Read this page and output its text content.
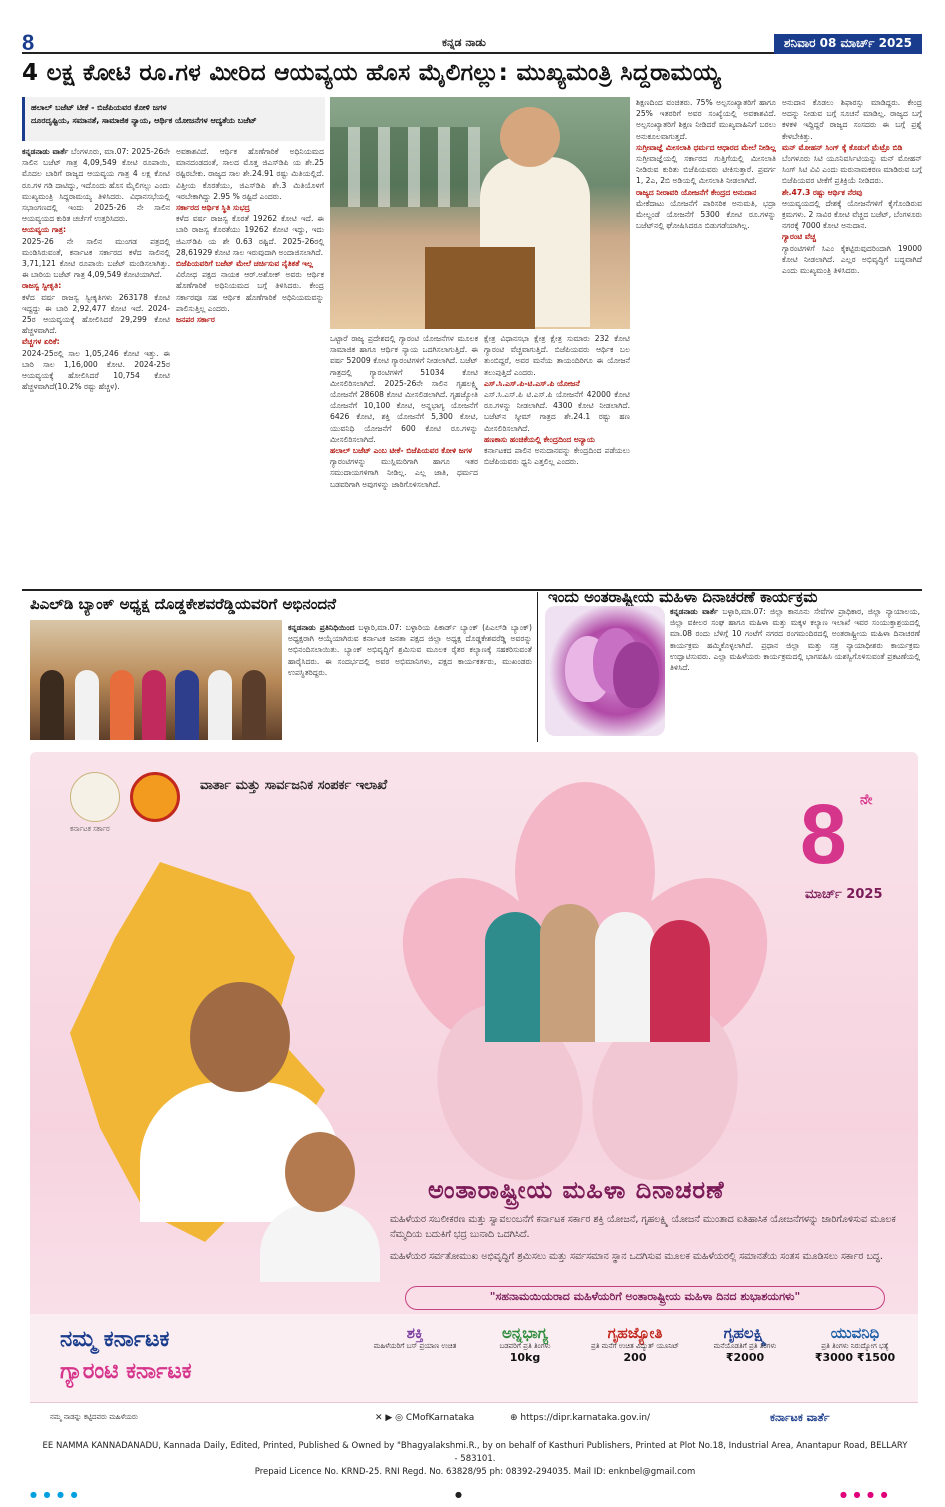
8	ಕನ್ನಡ ನಾಡು	ಶನಿವಾರ 08 ಮಾರ್ಚ್ 2025
4 ಲಕ್ಷ ಕೋಟಿ ರೂ.ಗಳ ಮೀರಿದ ಆಯವ್ಯಯ ಹೊಸ ಮೈಲಿಗಲ್ಲು: ಮುಖ್ಯಮಂತ್ರಿ ಸಿದ್ದರಾಮಯ್ಯ
ಹಲಾಲ್ ಬಜೆಟ್ ಟೀಕೆ - ಬಿಜೆಪಿಯವರ ಕೋಳಿ ಜಗಳ
ದೂರದೃಷ್ಟಿಯ, ಸಮಾನತೆ, ಸಾಮಾಜಿಕ ನ್ಯಾಯ, ಆರ್ಥಿಕ ಯೋಜನೆಗಳ ಆದ್ಯತೆಯ ಬಜೆಟ್
ಕನ್ನಡನಾಡು ವಾರ್ತೆ ಬೆಂಗಳೂರು, ಮಾ.07: 2025-26ನೇ ಸಾಲಿನ ಬಜೆಟ್ ಗಾತ್ರ 4,09,549 ಕೋಟಿ ರೂಪಾಯಿ, ಮೊದಲ ಬಾರಿಗೆ ರಾಜ್ಯದ ಆಯವ್ಯಯ ಗಾತ್ರ 4 ಲಕ್ಷ ಕೋಟಿ ರೂ.ಗಳ ಗಡಿ ದಾಟಿದ್ದು, ಇದೊಂದು ಹೊಸ ಮೈಲಿಗಲ್ಲು ಎಂದು ಮುಖ್ಯಮಂತ್ರಿ ಸಿದ್ದರಾಮಯ್ಯ ತಿಳಿಸಿದರು. ವಿಧಾನಸಭೆಯಲ್ಲಿ ಸಭಾಂಗಣದಲ್ಲಿ ಇಂದು 2025-26 ನೇ ಸಾಲಿನ ಆಯವ್ಯಯದ ಕುರಿತ ಚರ್ಚೆಗೆ ಉತ್ತರಿಸಿದರು.
ಆಯವ್ಯಯ ಗಾತ್ರ:
2025-26 ನೇ ಸಾಲಿನ ಮುಂಗಡ ಪತ್ರದಲ್ಲಿ ಮಂಡಿಸಿರುವಂತೆ, ಕರ್ನಾಟಕ ಸರ್ಕಾರದ ಕಳೆದ ಸಾಲಿನಲ್ಲಿ 3,71,121 ಕೋಟಿ ರೂಪಾಯಿ ಬಜೆಟ್ ಮಂಡಿಸಲಾಗಿತ್ತು. ಈ ಬಾರಿಯ ಬಜೆಟ್ ಗಾತ್ರ 4,09,549 ಕೋಟಿಯಾಗಿದೆ.
ರಾಜಸ್ವ ಸ್ವೀಕೃತಿ:
ಕಳೆದ ವರ್ಷ ರಾಜಸ್ವ ಸ್ವೀಕೃತಿಗಳು 263178 ಕೋಟಿ ಇದ್ದದ್ದು ಈ ಬಾರಿ 2,92,477 ಕೋಟಿ ಇದೆ. 2024-25ರ ಆಯವ್ಯಯಕ್ಕೆ ಹೋಲಿಸಿದರೆ 29,299 ಕೋಟಿ ಹೆಚ್ಚಳವಾಗಿದೆ.
ವೆಚ್ಚಗಳ ಏರಿಕೆ:
2024-25ರಲ್ಲಿ ಸಾಲ 1,05,246 ಕೋಟಿ ಇತ್ತು. ಈ ಬಾರಿ ಸಾಲ 1,16,000 ಕೋಟಿ. 2024-25ರ ಆಯವ್ಯಯಕ್ಕೆ ಹೋಲಿಸಿದರೆ 10,754 ಕೋಟಿ ಹೆಚ್ಚಳವಾಗಿದೆ(10.2% ರಷ್ಟು ಹೆಚ್ಚಳ).
ಅವಕಾಶವಿದೆ. ಆರ್ಥಿಕ ಹೊಣೆಗಾರಿಕೆ ಅಧಿನಿಯಮದ ಮಾನದಂಡದಂತೆ, ಸಾಲದ ಮೊತ್ತ ಜಿಎಸ್‌ಡಿಪಿ ಯ ಶೇ.25 ರಷ್ಟಿರಬೇಕು. ರಾಜ್ಯದ ಸಾಲ ಶೇ.24.91 ರಷ್ಟು ಮಿತಿಯಲ್ಲಿದೆ. ವಿತ್ತೀಯ ಕೊರತೆಯು, ಜಿಎಸ್‌ಡಿಪಿ ಶೇ.3 ಮಿತಿಯೊಳಗೆ ಇರಬೇಕಾಗಿದ್ದು 2.95 % ರಷ್ಟಿದೆ ಎಂದರು.
ಸರ್ಕಾರದ ಆರ್ಥಿಕ ಸ್ಥಿತಿ ಸುಭದ್ರ
ಕಳೆದ ವರ್ಷ ರಾಜಸ್ವ ಕೊರತೆ 19262 ಕೋಟಿ ಇದೆ. ಈ ಬಾರಿ ರಾಜಸ್ವ ಕೊರತೆಯು 19262 ಕೋಟಿ ಇದ್ದು, ಇದು ಜಿಎಸ್‌ಡಿಪಿ ಯ ಶೇ 0.63 ರಷ್ಟಿದೆ. 2025-26ರಲ್ಲಿ 28,61929 ಕೋಟಿ ಸಾಲ ಇರುವುದಾಗಿ ಅಂದಾಜಿಸಲಾಗಿದೆ.
ಬಿಜೆಪಿಯವರಿಗೆ ಬಜೆಟ್ ಮೇಲೆ ಚರ್ಚಿಸುವ ನೈತಿಕತೆ ಇಲ್ಲ
ವಿರೋಧ ಪಕ್ಷದ ನಾಯಕ ಆರ್.ಅಶೋಕ್ ಅವರು ಆರ್ಥಿಕ ಹೊಣೆಗಾರಿಕೆ ಅಧಿನಿಯಮದ ಬಗ್ಗೆ ತಿಳಿಸಿದರು. ಕೇಂದ್ರ ಸರ್ಕಾರವೂ ಸಹ ಆರ್ಥಿಕ ಹೊಣೆಗಾರಿಕೆ ಅಧಿನಿಯಮವನ್ನು ಪಾಲಿಸುತ್ತಿಲ್ಲ ಎಂದರು.
ಜನಪರ ಸರ್ಕಾರ
ಒಟ್ಟಾರೆ ರಾಜ್ಯ ಪ್ರದೇಶದಲ್ಲಿ ಗ್ಯಾರಂಟಿ ಯೋಜನೆಗಳ ಮೂಲಕ ಸಾಮಾಜಿಕ ಹಾಗೂ ಆರ್ಥಿಕ ನ್ಯಾಯ ಒದಗಿಸಲಾಗುತ್ತಿದೆ. ಈ ವರ್ಷ 52009 ಕೋಟಿ ಗ್ಯಾರಂಟಿಗಳಿಗೆ ನೀಡಲಾಗಿದೆ. ಬಜೆಟ್ ಗಾತ್ರದಲ್ಲಿ ಗ್ಯಾರಂಟಿಗಳಿಗೆ 51034 ಕೋಟಿ ಮೀಸಲಿರಿಸಲಾಗಿದೆ. 2025-26ನೇ ಸಾಲಿನ ಗೃಹಲಕ್ಷ್ಮಿ ಯೋಜನೆಗೆ 28608 ಕೋಟಿ ಮೀಸಲಿಡಲಾಗಿದೆ. ಗೃಹಜ್ಯೋತಿ ಯೋಜನೆಗೆ 10,100 ಕೋಟಿ, ಅನ್ನಭಾಗ್ಯ ಯೋಜನೆಗೆ 6426 ಕೋಟಿ, ಶಕ್ತಿ ಯೋಜನೆಗೆ 5,300 ಕೋಟಿ, ಯುವನಿಧಿ ಯೋಜನೆಗೆ 600 ಕೋಟಿ ರೂ.ಗಳನ್ನು ಮೀಸಲಿರಿಸಲಾಗಿದೆ.
ಹಲಾಲ್ ಬಜೆಟ್ ಎಂಬ ಟೀಕೆ- ಬಿಜೆಪಿಯವರ ಕೋಳಿ ಜಗಳ
ಗ್ಯಾರಂಟಿಗಳನ್ನು ಮುಸ್ಲಿಮರಿಗಾಗಿ ಹಾಗೂ ಇತರ ಸಮುದಾಯಗಳಿಗಾಗಿ ನೀಡಿಲ್ಲ. ಎಲ್ಲ ಜಾತಿ, ಧರ್ಮದ ಬಡವರಿಗಾಗಿ ಅವುಗಳನ್ನು ಜಾರಿಗೊಳಿಸಲಾಗಿದೆ.
ಕ್ಷೇತ್ರ ವಿಧಾನಸಭಾ ಕ್ಷೇತ್ರ ಕ್ಷೇತ್ರ ಸುಮಾರು 232 ಕೋಟಿ ಗ್ಯಾರಂಟಿ ವೆಚ್ಚವಾಗುತ್ತಿದೆ. ಬಿಜೆಪಿಯವರು ಆರ್ಥಿಕ ಬಲ ತುಂಬಿದ್ದರೆ, ಅವರ ಮನೆಯ ತಾಯಂದಿರಿಗೂ ಈ ಯೋಜನೆ ತಲುಪುತ್ತಿದೆ ಎಂದರು.
ಎಸ್.ಸಿ.ಎಸ್.ಪಿ-ಟಿ.ಎಸ್.ಪಿ ಯೋಜನೆ
ಎಸ್.ಸಿ.ಎಸ್.ಪಿ ಟಿ.ಎಸ್.ಪಿ ಯೋಜನೆಗೆ 42000 ಕೋಟಿ ರೂ.ಗಳನ್ನು ನೀಡಲಾಗಿದೆ. 4300 ಕೋಟಿ ನೀಡಲಾಗಿದೆ. ಬಜೆಟ್‌ನ ಸ್ಕೀಮ್ ಗಾತ್ರದ ಶೇ.24.1 ರಷ್ಟು ಹಣ ಮೀಸಲಿರಿಸಲಾಗಿದೆ.
ಹಣಕಾಸು ಹಂಚಿಕೆಯಲ್ಲಿ ಕೇಂದ್ರದಿಂದ ಅನ್ಯಾಯ
ಕರ್ನಾಟಕದ ಪಾಲಿನ ಅನುದಾನವನ್ನು ಕೇಂದ್ರದಿಂದ ಪಡೆಯಲು ಬಿಜೆಪಿಯವರು ಧ್ವನಿ ಎತ್ತಲಿಲ್ಲ ಎಂದರು.
ಶಿಕ್ಷಣದಿಂದ ವಂಚಿತರು. 75% ಅಲ್ಪಸಂಖ್ಯಾತರಿಗೆ ಹಾಗೂ 25% ಇತರರಿಗೆ ಅವರ ಸಂಖ್ಯೆಯಲ್ಲಿ ಅವಕಾಶವಿದೆ. ಅಲ್ಪಸಂಖ್ಯಾತರಿಗೆ ಶಿಕ್ಷಣ ನೀಡಿದರೆ ಮುಖ್ಯವಾಹಿನಿಗೆ ಬರಲು ಅನುಕೂಲವಾಗುತ್ತದೆ.
ಸುಗ್ರೀವಾಜ್ಞೆ ಮೀಸಲಾತಿ ಧರ್ಮದ ಆಧಾರದ ಮೇಲೆ ನೀಡಿಲ್ಲ
ಸುಗ್ರೀವಾಜ್ಞೆಯಲ್ಲಿ ಸರ್ಕಾರದ ಗುತ್ತಿಗೆಯಲ್ಲಿ ಮೀಸಲಾತಿ ನೀಡಿರುವ ಕುರಿತು ಬಿಜೆಪಿಯವರು ಟೀಕಿಸುತ್ತಾರೆ. ಪ್ರವರ್ಗ 1, 2ಎ, 2ಬಿ ಅಡಿಯಲ್ಲಿ ಮೀಸಲಾತಿ ನೀಡಲಾಗಿದೆ.
ರಾಜ್ಯದ ನೀರಾವರಿ ಯೋಜನೆಗೆ ಕೇಂದ್ರದ ಅನುದಾನ
ಮೇಕೆದಾಟು ಯೋಜನೆಗೆ ಪಾರಿಸರಿಕ ಅನುಮತಿ, ಭದ್ರಾ ಮೇಲ್ದಂಡೆ ಯೋಜನೆಗೆ 5300 ಕೋಟಿ ರೂ.ಗಳನ್ನು ಬಜೆಟ್‌ನಲ್ಲಿ ಘೋಷಿಸಿದರೂ ಬಿಡುಗಡೆಯಾಗಿಲ್ಲ.
ಅನುದಾನ ಕೊಡಲು ಶಿಫಾರಸ್ಸು ಮಾಡಿದ್ದರು. ಕೇಂದ್ರ ಅದನ್ನು ನೀಡುವ ಬಗ್ಗೆ ಸೂಚನೆ ಮಾಡಿಲ್ಲ. ರಾಜ್ಯದ ಬಗ್ಗೆ ಕಳಕಳಿ ಇದ್ದಿದ್ದರೆ ರಾಜ್ಯದ ಸಂಸದರು ಈ ಬಗ್ಗೆ ಪ್ರಶ್ನೆ ಕೇಳಬೇಕಿತ್ತು.
ಮನ್ ಮೋಹನ್ ಸಿಂಗ್ ಕ್ಕೆ ಕೊಡುಗೆ ಮೆಟ್ರೊ ಬಿಡಿ
ಬೆಂಗಳೂರು ಸಿಟಿ ಯೂನಿವರ್ಸಿಟಿಯನ್ನು ಮನ್ ಮೋಹನ್ ಸಿಂಗ್ ಸಿಟಿ ವಿವಿ ಎಂದು ಮರುನಾಮಕರಣ ಮಾಡಿರುವ ಬಗ್ಗೆ ಬಿಜೆಪಿಯವರ ಟೀಕೆಗೆ ಪ್ರತಿಕ್ರಿಯೆ ನೀಡಿದರು.
ಶೇ.47.3 ರಷ್ಟು ಆರ್ಥಿಕ ನೆರವು
ಆಯವ್ಯಯದಲ್ಲಿ ದೇಶಕ್ಕೆ ಯೋಜನೆಗಳಿಗೆ ಕೈಗೊಂಡಿರುವ ಕ್ರಮಗಳು. 2 ಸಾವಿರ ಕೋಟಿ ವೆಚ್ಚದ ಬಜೆಟ್, ಬೆಂಗಳೂರು ನಗರಕ್ಕೆ 7000 ಕೋಟಿ ಅನುದಾನ.
ಗ್ಯಾರಂಟಿ ವೆಚ್ಚ
ಗ್ಯಾರಂಟಿಗಳಿಗೆ ಸಿಎಂ ಕೈಕಟ್ಟಿರುವುದರಿಂದಾಗಿ 19000 ಕೋಟಿ ನೀಡಲಾಗಿದೆ. ಎಲ್ಲರ ಅಭಿವೃದ್ಧಿಗೆ ಬದ್ಧವಾಗಿದೆ ಎಂದು ಮುಖ್ಯಮಂತ್ರಿ ತಿಳಿಸಿದರು.
ಪಿಎಲ್‌ಡಿ ಬ್ಯಾಂಕ್ ಅಧ್ಯಕ್ಷ ದೊಡ್ಡಕೇಶವರೆಡ್ಡಿಯವರಿಗೆ ಅಭಿನಂದನೆ
ಕನ್ನಡನಾಡು ಪ್ರತಿನಿಧಿಯಿಂದ ಬಳ್ಳಾರಿ,ಮಾ.07: ಬಳ್ಳಾರಿಯ ಪಿಕಾರ್ಡ್ ಬ್ಯಾಂಕ್ (ಪಿಎಲ್‌ಡಿ ಬ್ಯಾಂಕ್) ಅಧ್ಯಕ್ಷರಾಗಿ ಆಯ್ಕೆಯಾಗಿರುವ ಕರ್ನಾಟಕ ಜನತಾ ಪಕ್ಷದ ಜಿಲ್ಲಾ ಅಧ್ಯಕ್ಷ ದೊಡ್ಡಕೇಶವರೆಡ್ಡಿ ಅವರನ್ನು ಅಭಿನಂದಿಸಲಾಯಿತು. ಬ್ಯಾಂಕ್ ಅಭಿವೃದ್ಧಿಗೆ ಶ್ರಮಿಸುವ ಮೂಲಕ ರೈತರ ಕಲ್ಯಾಣಕ್ಕೆ ಸಹಕರಿಸುವಂತೆ ಹಾರೈಸಿದರು. ಈ ಸಂದರ್ಭದಲ್ಲಿ ಅವರ ಅಭಿಮಾನಿಗಳು, ಪಕ್ಷದ ಕಾರ್ಯಕರ್ತರು, ಮುಖಂಡರು ಉಪಸ್ಥಿತರಿದ್ದರು.
ಇಂದು ಅಂತರಾಷ್ಟ್ರೀಯ ಮಹಿಳಾ ದಿನಾಚರಣೆ ಕಾರ್ಯಕ್ರಮ
ಕನ್ನಡನಾಡು ವಾರ್ತೆ ಬಳ್ಳಾರಿ,ಮಾ.07: ಜಿಲ್ಲಾ ಕಾನೂನು ಸೇವೆಗಳ ಪ್ರಾಧಿಕಾರ, ಜಿಲ್ಲಾ ನ್ಯಾಯಾಲಯ, ಜಿಲ್ಲಾ ವಕೀಲರ ಸಂಘ ಹಾಗೂ ಮಹಿಳಾ ಮತ್ತು ಮಕ್ಕಳ ಕಲ್ಯಾಣ ಇಲಾಖೆ ಇವರ ಸಂಯುಕ್ತಾಶ್ರಯದಲ್ಲಿ ಮಾ.08 ರಂದು ಬೆಳಿಗ್ಗೆ 10 ಗಂಟೆಗೆ ನಗರದ ರಂಗಮಂದಿರದಲ್ಲಿ ಅಂತರಾಷ್ಟ್ರೀಯ ಮಹಿಳಾ ದಿನಾಚರಣೆ ಕಾರ್ಯಕ್ರಮ ಹಮ್ಮಿಕೊಳ್ಳಲಾಗಿದೆ. ಪ್ರಧಾನ ಜಿಲ್ಲಾ ಮತ್ತು ಸತ್ರ ನ್ಯಾಯಾಧೀಶರು ಕಾರ್ಯಕ್ರಮ ಉದ್ಘಾಟಿಸುವರು. ಎಲ್ಲಾ ಮಹಿಳೆಯರು ಕಾರ್ಯಕ್ರಮದಲ್ಲಿ ಭಾಗವಹಿಸಿ ಯಶಸ್ವಿಗೊಳಿಸುವಂತೆ ಪ್ರಕಟಣೆಯಲ್ಲಿ ತಿಳಿಸಿದೆ.
ಕರ್ನಾಟಕ ಸರ್ಕಾರ
ವಾರ್ತಾ ಮತ್ತು ಸಾರ್ವಜನಿಕ ಸಂಪರ್ಕ ಇಲಾಖೆ
8 ನೇ
ಮಾರ್ಚ್ 2025
ಅಂತಾರಾಷ್ಟ್ರೀಯ ಮಹಿಳಾ ದಿನಾಚರಣೆ

ಮಹಿಳೆಯರ ಸಬಲೀಕರಣ ಮತ್ತು ಸ್ವಾವಲಂಬನೆಗೆ ಕರ್ನಾಟಕ ಸರ್ಕಾರ ಶಕ್ತಿ ಯೋಜನೆ, ಗೃಹಲಕ್ಷ್ಮಿ ಯೋಜನೆ ಮುಂತಾದ ಐತಿಹಾಸಿಕ ಯೋಜನೆಗಳನ್ನು ಜಾರಿಗೊಳಿಸುವ ಮೂಲಕ ನೆಮ್ಮದಿಯ ಬದುಕಿಗೆ ಭದ್ರ ಬುನಾದಿ ಒದಗಿಸಿದೆ.

ಮಹಿಳೆಯರ ಸರ್ವತೋಮುಖ ಅಭಿವೃದ್ಧಿಗೆ ಶ್ರಮಿಸಲು ಮತ್ತು ಸರ್ವಸಮಾನ ಸ್ಥಾನ ಒದಗಿಸುವ ಮೂಲಕ ಮಹಿಳೆಯರಲ್ಲಿ ಸಮಾನತೆಯ ಸಂತಸ ಮೂಡಿಸಲು ಸರ್ಕಾರ ಬದ್ಧ.

"ಸಹನಾಮಯಿಯರಾದ ಮಹಿಳೆಯರಿಗೆ ಅಂತಾರಾಷ್ಟ್ರೀಯ ಮಹಿಳಾ ದಿನದ ಶುಭಾಶಯಗಳು"
ನಮ್ಮ ಕರ್ನಾಟಕ
ಗ್ಯಾರಂಟಿ ಕರ್ನಾಟಕ
ಶಕ್ತಿ
ಮಹಿಳೆಯರಿಗೆ ಬಸ್ ಪ್ರಯಾಣ ಉಚಿತ
ಅನ್ನಭಾಗ್ಯ
ಬಡವರಿಗೆ ಪ್ರತಿ ತಿಂಗಳು
10kg
ಗೃಹಜ್ಯೋತಿ
ಪ್ರತಿ ಮನೆಗೆ ಉಚಿತ ವಿದ್ಯುತ್ ಯೂನಿಟ್
200
ಗೃಹಲಕ್ಷ್ಮಿ
ಮನೆಯೊಡತಿಗೆ ಪ್ರತಿ ತಿಂಗಳು
₹2000
ಯುವನಿಧಿ
ಪ್ರತಿ ತಿಂಗಳು ನಿರುದ್ಯೋಗ ಭತ್ಯೆ
₹3000 ₹1500
ನಮ್ಮ ನಾಡನ್ನು ಕಟ್ಟಿದವರು ಮಹಿಳೆಯರು	✕ ▶ ◎ CMofKarnataka	⊕ https://dipr.karnataka.gov.in/	ಕರ್ನಾಟಕ ವಾರ್ತೆ
EE NAMMA KANNADANADU, Kannada Daily, Edited, Printed, Published & Owned by "Bhagyalakshmi.R., by on behalf of Kasthuri Publishers, Printed at Plot No.18, Industrial Area, Anantapur Road, BELLARY - 583101.
Prepaid Licence No. KRND-25. RNI Regd. No. 63828/95 ph: 08392-294035. Mail ID: enknbel@gmail.com
● ● ● ●	●	● ● ● ●
